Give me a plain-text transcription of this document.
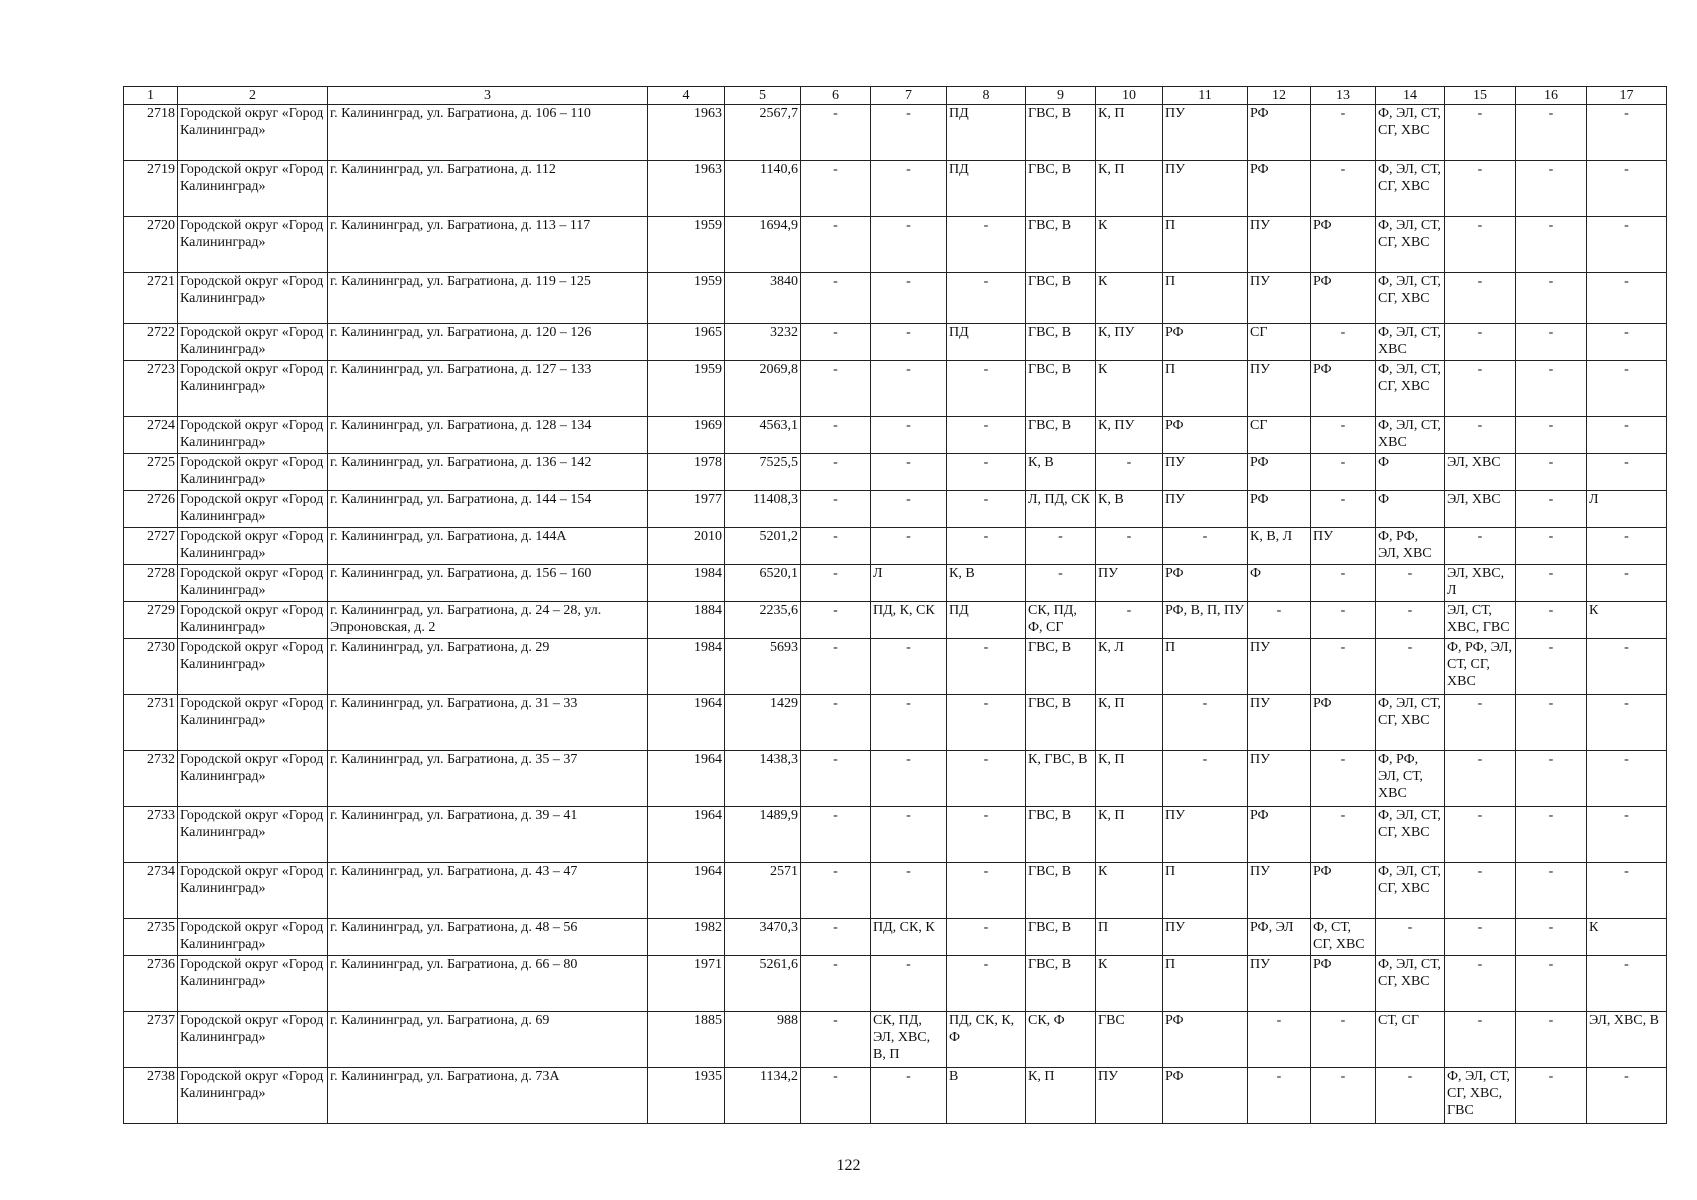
1	2	3	4	5	6	7	8	9	10	11	12	13	14	15	16	17
2718	Городской округ «Город Калининград»	г. Калининград, ул. Багратиона, д. 106 – 110	1963	2567,7	-	-	ПД	ГВС, В	К, П	ПУ	РФ	-	Ф, ЭЛ, СТ, СГ, ХВС	-	-	-
2719	Городской округ «Город Калининград»	г. Калининград, ул. Багратиона, д. 112	1963	1140,6	-	-	ПД	ГВС, В	К, П	ПУ	РФ	-	Ф, ЭЛ, СТ, СГ, ХВС	-	-	-
2720	Городской округ «Город Калининград»	г. Калининград, ул. Багратиона, д. 113 – 117	1959	1694,9	-	-	-	ГВС, В	К	П	ПУ	РФ	Ф, ЭЛ, СТ, СГ, ХВС	-	-	-
2721	Городской округ «Город Калининград»	г. Калининград, ул. Багратиона, д. 119 – 125	1959	3840	-	-	-	ГВС, В	К	П	ПУ	РФ	Ф, ЭЛ, СТ, СГ, ХВС	-	-	-
2722	Городской округ «Город Калининград»	г. Калининград, ул. Багратиона, д. 120 – 126	1965	3232	-	-	ПД	ГВС, В	К, ПУ	РФ	СГ	-	Ф, ЭЛ, СТ, ХВС	-	-	-
2723	Городской округ «Город Калининград»	г. Калининград, ул. Багратиона, д. 127 – 133	1959	2069,8	-	-	-	ГВС, В	К	П	ПУ	РФ	Ф, ЭЛ, СТ, СГ, ХВС	-	-	-
2724	Городской округ «Город Калининград»	г. Калининград, ул. Багратиона, д. 128 – 134	1969	4563,1	-	-	-	ГВС, В	К, ПУ	РФ	СГ	-	Ф, ЭЛ, СТ, ХВС	-	-	-
2725	Городской округ «Город Калининград»	г. Калининград, ул. Багратиона, д. 136 – 142	1978	7525,5	-	-	-	К, В	-	ПУ	РФ	-	Ф	ЭЛ, ХВС	-	-
2726	Городской округ «Город Калининград»	г. Калининград, ул. Багратиона, д. 144 – 154	1977	11408,3	-	-	-	Л, ПД, СК	К, В	ПУ	РФ	-	Ф	ЭЛ, ХВС	-	Л
2727	Городской округ «Город Калининград»	г. Калининград, ул. Багратиона, д. 144А	2010	5201,2	-	-	-	-	-	-	К, В, Л	ПУ	Ф, РФ, ЭЛ, ХВС	-	-	-
2728	Городской округ «Город Калининград»	г. Калининград, ул. Багратиона, д. 156 – 160	1984	6520,1	-	Л	К, В	-	ПУ	РФ	Ф	-	-	ЭЛ, ХВС, Л	-	-
2729	Городской округ «Город Калининград»	г. Калининград, ул. Багратиона, д. 24 – 28, ул. Эпроновская, д. 2	1884	2235,6	-	ПД, К, СК	ПД	СК, ПД, Ф, СГ	-	РФ, В, П, ПУ	-	-	-	ЭЛ, СТ, ХВС, ГВС	-	К
2730	Городской округ «Город Калининград»	г. Калининград, ул. Багратиона, д. 29	1984	5693	-	-	-	ГВС, В	К, Л	П	ПУ	-	-	Ф, РФ, ЭЛ, СТ, СГ, ХВС	-	-
2731	Городской округ «Город Калининград»	г. Калининград, ул. Багратиона, д. 31 – 33	1964	1429	-	-	-	ГВС, В	К, П	-	ПУ	РФ	Ф, ЭЛ, СТ, СГ, ХВС	-	-	-
2732	Городской округ «Город Калининград»	г. Калининград, ул. Багратиона, д. 35 – 37	1964	1438,3	-	-	-	К, ГВС, В	К, П	-	ПУ	-	Ф, РФ, ЭЛ, СТ, ХВС	-	-	-
2733	Городской округ «Город Калининград»	г. Калининград, ул. Багратиона, д. 39 – 41	1964	1489,9	-	-	-	ГВС, В	К, П	ПУ	РФ	-	Ф, ЭЛ, СТ, СГ, ХВС	-	-	-
2734	Городской округ «Город Калининград»	г. Калининград, ул. Багратиона, д. 43 – 47	1964	2571	-	-	-	ГВС, В	К	П	ПУ	РФ	Ф, ЭЛ, СТ, СГ, ХВС	-	-	-
2735	Городской округ «Город Калининград»	г. Калининград, ул. Багратиона, д. 48 – 56	1982	3470,3	-	ПД, СК, К	-	ГВС, В	П	ПУ	РФ, ЭЛ	Ф, СТ, СГ, ХВС	-	-	-	К
2736	Городской округ «Город Калининград»	г. Калининград, ул. Багратиона, д. 66 – 80	1971	5261,6	-	-	-	ГВС, В	К	П	ПУ	РФ	Ф, ЭЛ, СТ, СГ, ХВС	-	-	-
2737	Городской округ «Город Калининград»	г. Калининград, ул. Багратиона, д. 69	1885	988	-	СК, ПД, ЭЛ, ХВС, В, П	ПД, СК, К, Ф	СК, Ф	ГВС	РФ	-	-	СТ, СГ	-	-	ЭЛ, ХВС, В
2738	Городской округ «Город Калининград»	г. Калининград, ул. Багратиона, д. 73А	1935	1134,2	-	-	В	К, П	ПУ	РФ	-	-	-	Ф, ЭЛ, СТ, СГ, ХВС, ГВС	-	-
122
